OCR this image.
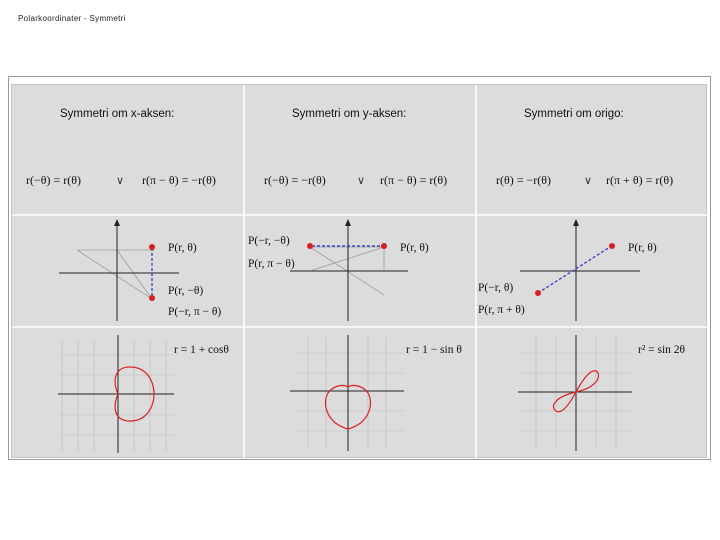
Polarkoordinater - Symmetri
Symmetri om x-aksen:
r(−θ) = r(θ)	∨ r(π − θ) = −r(θ)
P(r, θ)
P(r, −θ)
P(−r, π − θ)
r = 1 + cosθ
Symmetri om y-aksen:
r(−θ) = −r(θ)	∨ r(π − θ) = r(θ)
P(−r, −θ)
P(r, π − θ)
P(r, θ)
r = 1 − sin θ
Symmetri om origo:
r(θ) = −r(θ)	∨ r(π + θ) = r(θ)
P(r, θ)
P(−r, θ)
P(r, π + θ)
r² = sin 2θ
